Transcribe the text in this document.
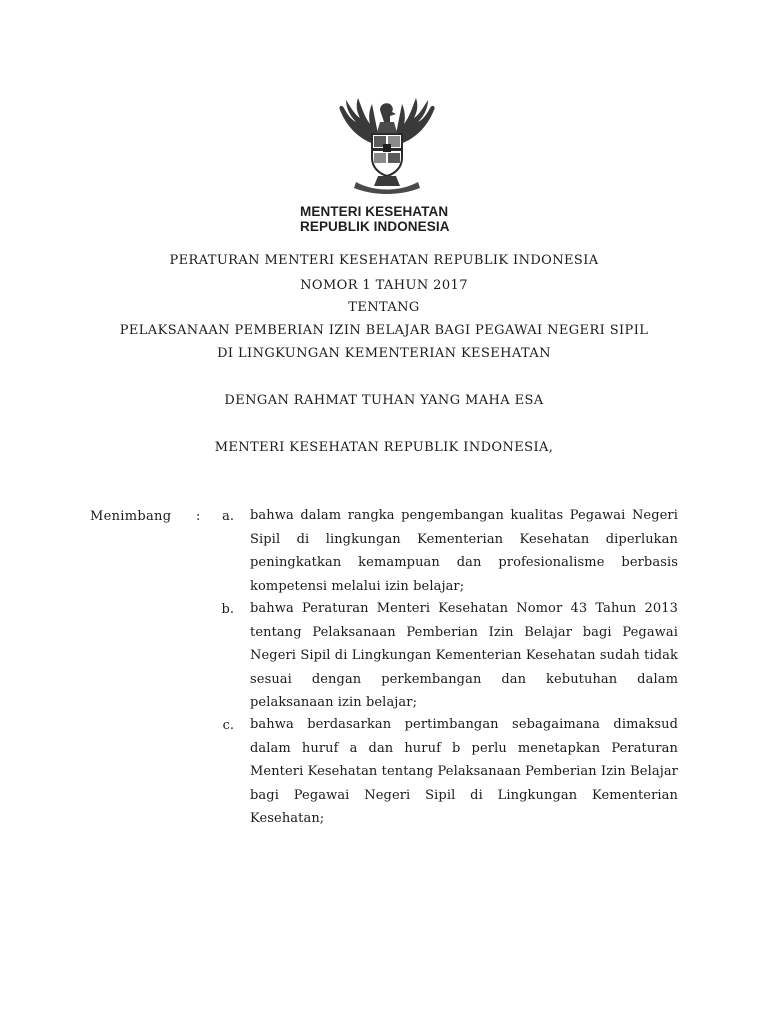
MENTERI KESEHATAN
REPUBLIK INDONESIA
PERATURAN MENTERI KESEHATAN REPUBLIK INDONESIA
NOMOR 1 TAHUN 2017
TENTANG
PELAKSANAAN PEMBERIAN IZIN BELAJAR BAGI PEGAWAI NEGERI SIPIL
DI LINGKUNGAN KEMENTERIAN KESEHATAN
DENGAN RAHMAT TUHAN YANG MAHA ESA
MENTERI KESEHATAN REPUBLIK INDONESIA,
Menimbang :	a. bahwa dalam rangka pengembangan kualitas Pegawai Negeri Sipil di lingkungan Kementerian Kesehatan diperlukan peningkatkan kemampuan dan profesionalisme berbasis kompetensi melalui izin belajar;
b. bahwa Peraturan Menteri Kesehatan Nomor 43 Tahun 2013 tentang Pelaksanaan Pemberian Izin Belajar bagi Pegawai Negeri Sipil di Lingkungan Kementerian Kesehatan sudah tidak sesuai dengan perkembangan dan kebutuhan dalam pelaksanaan izin belajar;
c. bahwa berdasarkan pertimbangan sebagaimana dimaksud dalam huruf a dan huruf b perlu menetapkan Peraturan Menteri Kesehatan tentang Pelaksanaan Pemberian Izin Belajar bagi Pegawai Negeri Sipil di Lingkungan Kementerian Kesehatan;
